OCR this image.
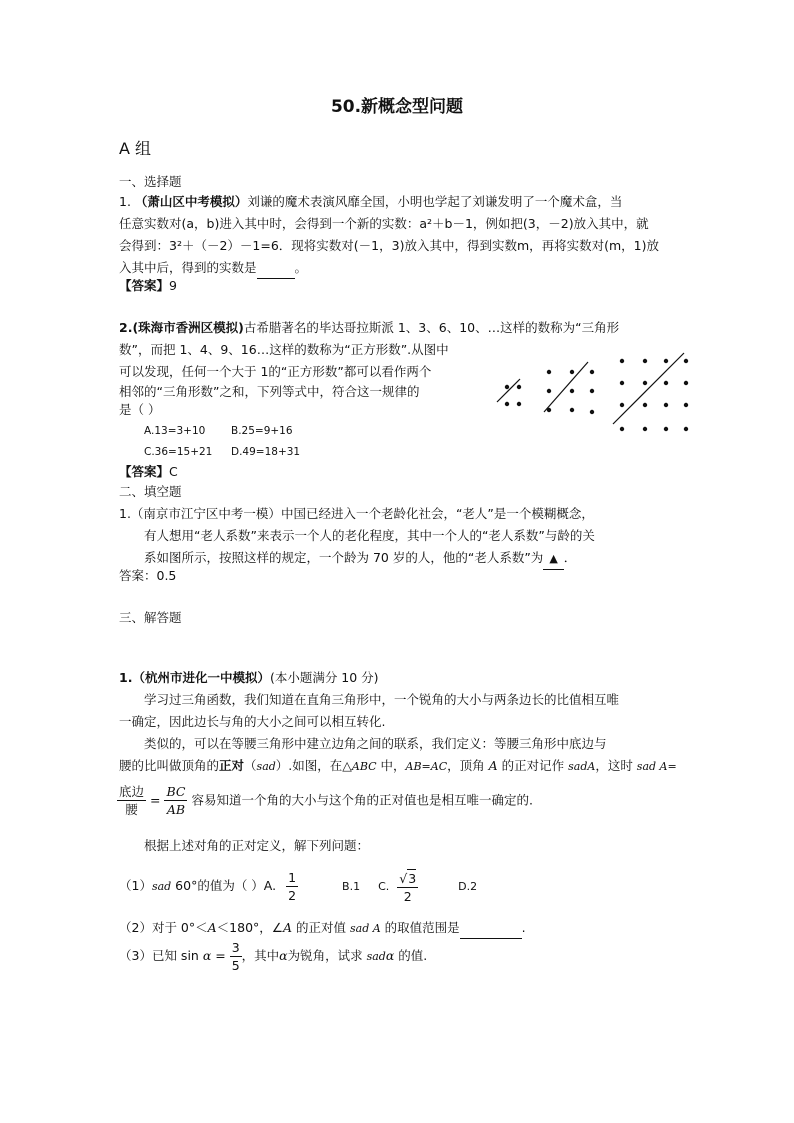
50.新概念型问题
A 组
一、选择题
1. （萧山区中考模拟）刘谦的魔术表演风靡全国，小明也学起了刘谦发明了一个魔术盒，当
任意实数对(a，b)进入其中时，会得到一个新的实数：a²＋b－1，例如把(3，－2)放入其中，就
会得到：3²＋（－2）－1=6．现将实数对(－1，3)放入其中，得到实数m，再将实数对(m，1)放
入其中后，得到的实数是	。
【答案】9
2.(珠海市香洲区模拟)古希腊著名的毕达哥拉斯派 1、3、6、10、…这样的数称为“三角形
数”，而把 1、4、9、16…这样的数称为“正方形数”.从图中
可以发现，任何一个大于 1的“正方形数”都可以看作两个
相邻的“三角形数”之和，下列等式中，符合这一规律的
是（ ）
A.13=3+10 B.25=9+16
C.36=15+21 D.49=18+31
【答案】C
二、填空题
1.（南京市江宁区中考一模）中国已经进入一个老龄化社会，“老人”是一个模糊概念，
有人想用“老人系数”来表示一个人的老化程度，其中一个人的“老人系数”与龄的关
系如图所示，按照这样的规定，一个龄为 70 岁的人，他的“老人系数”为 ▲ ．
答案：0.5
三、解答题
1.（杭州市进化一中模拟）(本小题满分 10 分)
学习过三角函数，我们知道在直角三角形中，一个锐角的大小与两条边长的比值相互唯
一确定，因此边长与角的大小之间可以相互转化.
类似的，可以在等腰三角形中建立边角之间的联系，我们定义：等腰三角形中底边与
腰的比叫做顶角的正对（sad）.如图，在△ABC 中，AB=AC，顶角 A 的正对记作 sadA，这时 sad A=
$\frac{\text{底边}}{\text{腰}} = \frac{BC}{AB}$ 容易知道一个角的大小与这个角的正对值也是相互唯一确定的.
根据上述对角的正对定义，解下列问题：
（1）sad 60°的值为（ ）A. $\frac{1}{2}$	B.1 C. $\frac{√3}{2}$	D.2
（2）对于 0°＜A＜180°，∠A 的正对值 sad A 的取值范围是	.
（3）已知 $\sin \alpha = \frac{3}{5}$ ，其中α为锐角，试求 sadα 的值.
